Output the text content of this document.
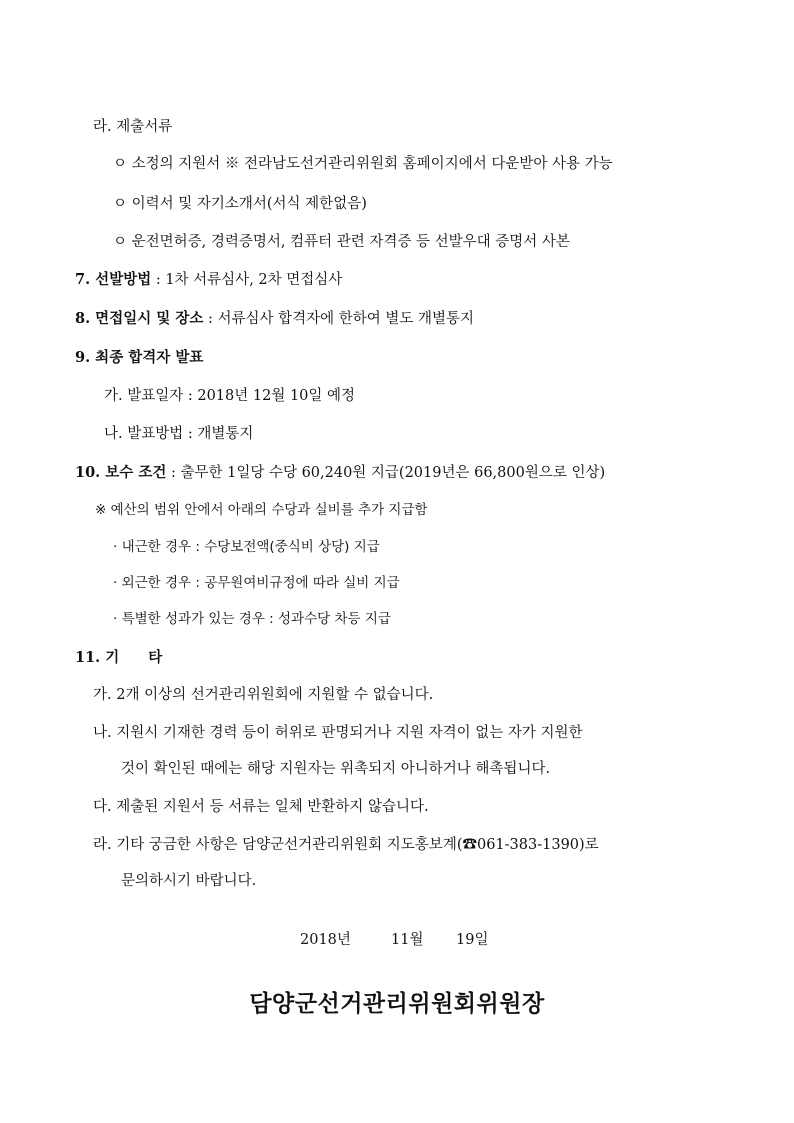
라. 제출서류
ㅇ 소정의 지원서 ※ 전라남도선거관리위원회 홈페이지에서 다운받아 사용 가능
ㅇ 이력서 및 자기소개서(서식 제한없음)
ㅇ 운전면허증, 경력증명서, 컴퓨터 관련 자격증 등 선발우대 증명서 사본
7. 선발방법 : 1차 서류심사, 2차 면접심사
8. 면접일시 및 장소 : 서류심사 합격자에 한하여 별도 개별통지
9. 최종 합격자 발표
가. 발표일자 : 2018년 12월 10일 예정
나. 발표방법 : 개별통지
10. 보수 조건 : 출무한 1일당 수당 60,240원 지급(2019년은 66,800원으로 인상)
※ 예산의 범위 안에서 아래의 수당과 실비를 추가 지급함
· 내근한 경우 : 수당보전액(중식비 상당) 지급
· 외근한 경우 : 공무원여비규정에 따라 실비 지급
· 특별한 성과가 있는 경우 : 성과수당 차등 지급
11. 기　　타
가. 2개 이상의 선거관리위원회에 지원할 수 없습니다.
나. 지원시 기재한 경력 등이 허위로 판명되거나 지원 자격이 없는 자가 지원한
것이 확인된 때에는 해당 지원자는 위촉되지 아니하거나 해촉됩니다.
다. 제출된 지원서 등 서류는 일체 반환하지 않습니다.
라. 기타 궁금한 사항은 담양군선거관리위원회 지도홍보계(☎061-383-1390)로
문의하시기 바랍니다.
2018년	11월 19일
담양군선거관리위원회위원장
